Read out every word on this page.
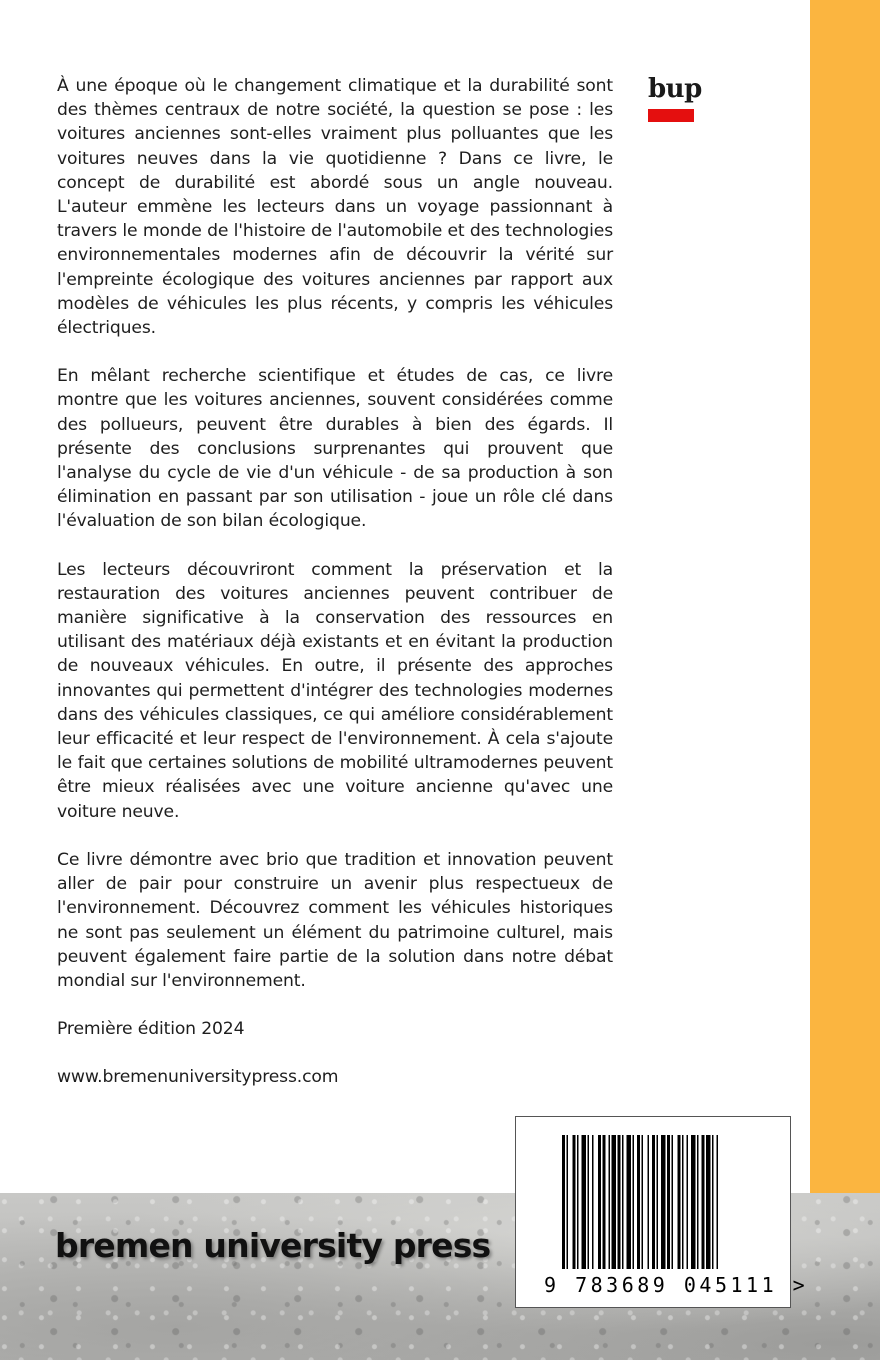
bup

À une époque où le changement climatique et la durabilité sont des thèmes centraux de notre société, la question se pose : les voitures anciennes sont-elles vraiment plus polluantes que les voitures neuves dans la vie quotidienne ? Dans ce livre, le concept de durabilité est abordé sous un angle nouveau. L'auteur emmène les lecteurs dans un voyage passionnant à travers le monde de l'histoire de l'automobile et des technologies environnementales modernes afin de découvrir la vérité sur l'empreinte écologique des voitures anciennes par rapport aux modèles de véhicules les plus récents, y compris les véhicules électriques.

En mêlant recherche scientifique et études de cas, ce livre montre que les voitures anciennes, souvent considérées comme des pollueurs, peuvent être durables à bien des égards. Il présente des conclusions surprenantes qui prouvent que l'analyse du cycle de vie d'un véhicule - de sa production à son élimination en passant par son utilisation - joue un rôle clé dans l'évaluation de son bilan écologique.

Les lecteurs découvriront comment la préservation et la restauration des voitures anciennes peuvent contribuer de manière significative à la conservation des ressources en utilisant des matériaux déjà existants et en évitant la production de nouveaux véhicules. En outre, il présente des approches innovantes qui permettent d'intégrer des technologies modernes dans des véhicules classiques, ce qui améliore considérablement leur efficacité et leur respect de l'environnement. À cela s'ajoute le fait que certaines solutions de mobilité ultramodernes peuvent être mieux réalisées avec une voiture ancienne qu'avec une voiture neuve.

Ce livre démontre avec brio que tradition et innovation peuvent aller de pair pour construire un avenir plus respectueux de l'environnement. Découvrez comment les véhicules historiques ne sont pas seulement un élément du patrimoine culturel, mais peuvent également faire partie de la solution dans notre débat mondial sur l'environnement.

Première édition 2024

www.bremenuniversitypress.com

bremen university press
9 783689 045111 >
